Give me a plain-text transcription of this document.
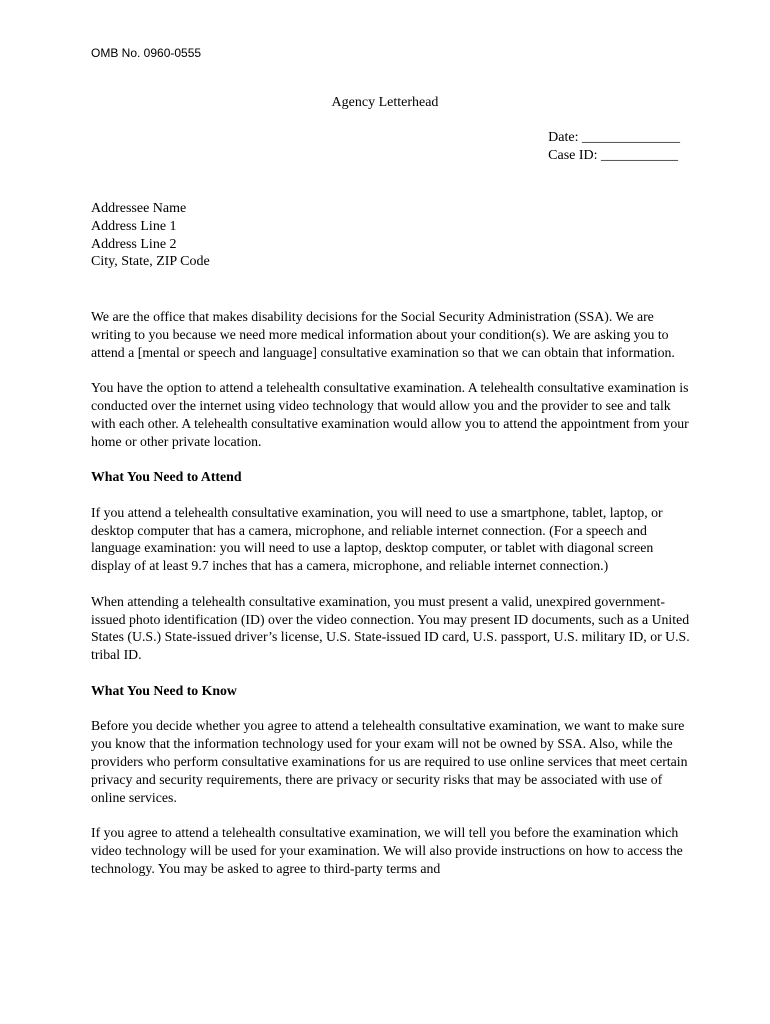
OMB No. 0960-0555
Agency Letterhead
Date: ______________
Case ID: ___________
Addressee Name
Address Line 1
Address Line 2
City, State, ZIP Code

We are the office that makes disability decisions for the Social Security Administration (SSA). We are writing to you because we need more medical information about your condition(s). We are asking you to attend a [mental or speech and language] consultative examination so that we can obtain that information.

You have the option to attend a telehealth consultative examination. A telehealth consultative examination is conducted over the internet using video technology that would allow you and the provider to see and talk with each other. A telehealth consultative examination would allow you to attend the appointment from your home or other private location.

What You Need to Attend

If you attend a telehealth consultative examination, you will need to use a smartphone, tablet, laptop, or desktop computer that has a camera, microphone, and reliable internet connection. (For a speech and language examination: you will need to use a laptop, desktop computer, or tablet with diagonal screen display of at least 9.7 inches that has a camera, microphone, and reliable internet connection.)

When attending a telehealth consultative examination, you must present a valid, unexpired government-issued photo identification (ID) over the video connection. You may present ID documents, such as a United States (U.S.) State-issued driver’s license, U.S. State-issued ID card, U.S. passport, U.S. military ID, or U.S. tribal ID.

What You Need to Know

Before you decide whether you agree to attend a telehealth consultative examination, we want to make sure you know that the information technology used for your exam will not be owned by SSA. Also, while the providers who perform consultative examinations for us are required to use online services that meet certain privacy and security requirements, there are privacy or security risks that may be associated with use of online services.

If you agree to attend a telehealth consultative examination, we will tell you before the examination which video technology will be used for your examination. We will also provide instructions on how to access the technology. You may be asked to agree to third-party terms and
